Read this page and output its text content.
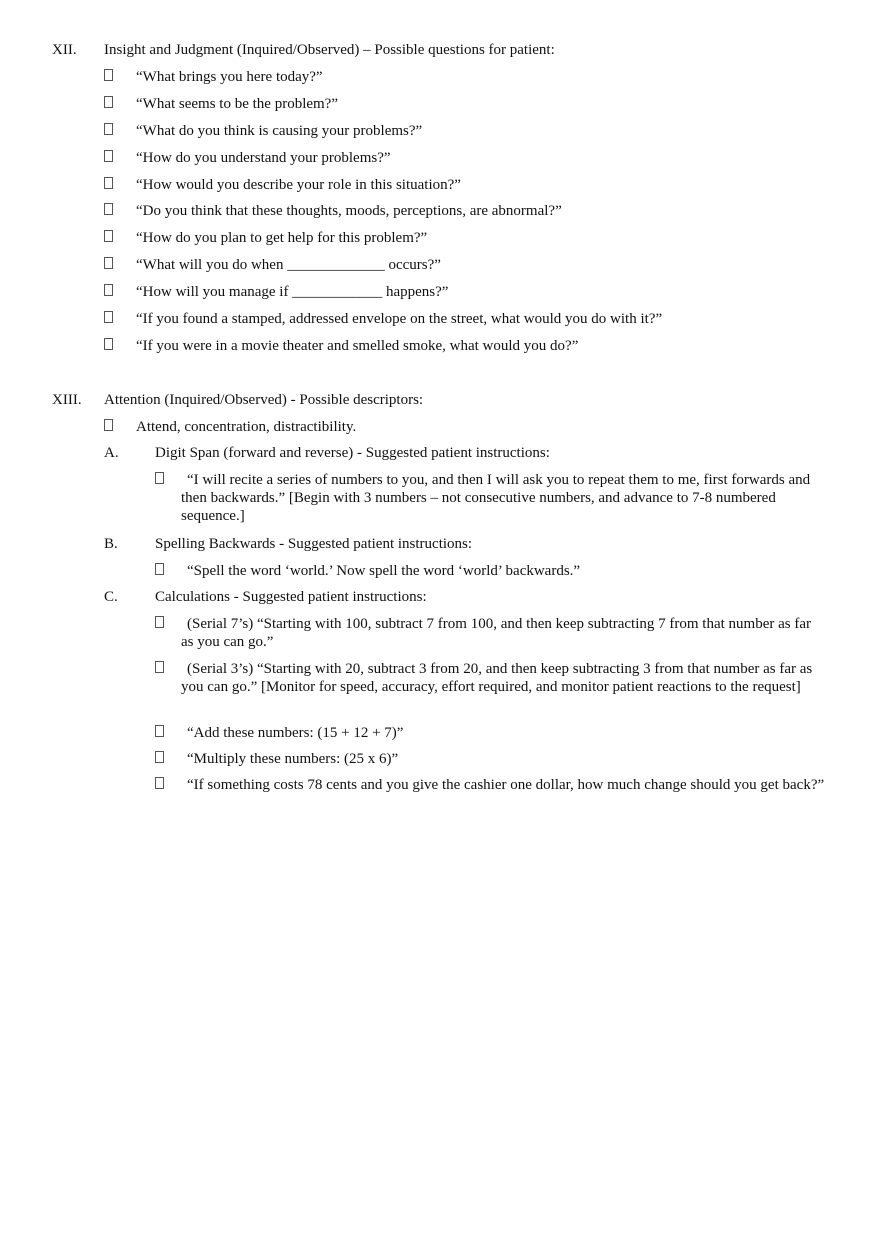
XII. Insight and Judgment (Inquired/Observed) – Possible questions for patient:
“What brings you here today?”
“What seems to be the problem?”
“What do you think is causing your problems?”
“How do you understand your problems?”
“How would you describe your role in this situation?”
“Do you think that these thoughts, moods, perceptions, are abnormal?”
“How do you plan to get help for this problem?”
“What will you do when _____________ occurs?”
“How will you manage if ____________ happens?”
“If you found a stamped, addressed envelope on the street, what would you do with it?”
“If you were in a movie theater and smelled smoke, what would you do?”
XIII. Attention (Inquired/Observed) - Possible descriptors:
Attend, concentration, distractibility.
A. Digit Span (forward and reverse) - Suggested patient instructions:
“I will recite a series of numbers to you, and then I will ask you to repeat them to me, first forwards and then backwards.” [Begin with 3 numbers – not consecutive numbers, and advance to 7-8 numbered sequence.]
B. Spelling Backwards - Suggested patient instructions:
“Spell the word ‘world.’ Now spell the word ‘world’ backwards.”
C. Calculations - Suggested patient instructions:
(Serial 7’s) “Starting with 100, subtract 7 from 100, and then keep subtracting 7 from that number as far as you can go.”
(Serial 3’s) “Starting with 20, subtract 3 from 20, and then keep subtracting 3 from that number as far as you can go.” [Monitor for speed, accuracy, effort required, and monitor patient reactions to the request]
“Add these numbers: (15 + 12 + 7)”
“Multiply these numbers: (25 x 6)”
“If something costs 78 cents and you give the cashier one dollar, how much change should you get back?”
